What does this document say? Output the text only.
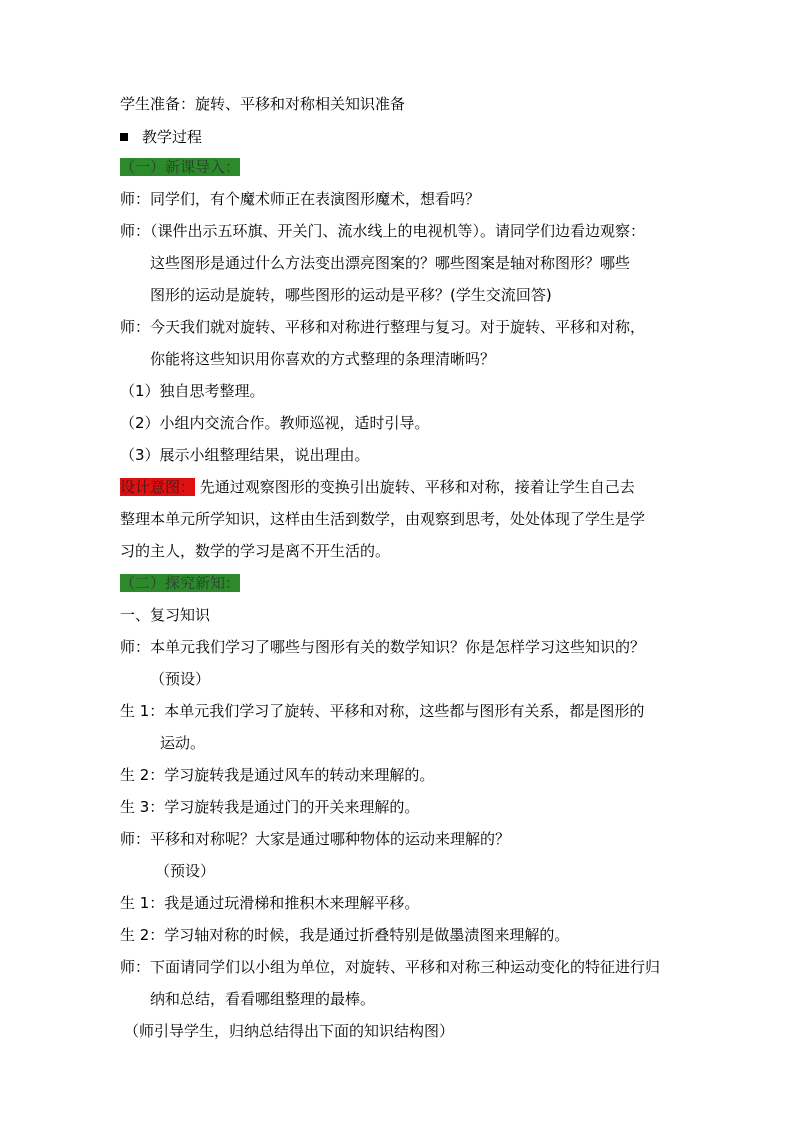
学生准备：旋转、平移和对称相关知识准备
教学过程
（一）新课导入：
师：同学们，有个魔术师正在表演图形魔术，想看吗？
师：（课件出示五环旗、开关门、流水线上的电视机等）。请同学们边看边观察：
这些图形是通过什么方法变出漂亮图案的？哪些图案是轴对称图形？哪些
图形的运动是旋转，哪些图形的运动是平移？(学生交流回答)
师：今天我们就对旋转、平移和对称进行整理与复习。对于旋转、平移和对称，
你能将这些知识用你喜欢的方式整理的条理清晰吗？
（1）独自思考整理。
（2）小组内交流合作。教师巡视，适时引导。
（3）展示小组整理结果，说出理由。
设计意图： 先通过观察图形的变换引出旋转、平移和对称，接着让学生自己去
整理本单元所学知识，这样由生活到数学，由观察到思考，处处体现了学生是学
习的主人，数学的学习是离不开生活的。
（二）探究新知：
一、复习知识
师：本单元我们学习了哪些与图形有关的数学知识？你是怎样学习这些知识的？
（预设）
生 1：本单元我们学习了旋转、平移和对称，这些都与图形有关系，都是图形的
运动。
生 2：学习旋转我是通过风车的转动来理解的。
生 3：学习旋转我是通过门的开关来理解的。
师：平移和对称呢？大家是通过哪种物体的运动来理解的？
（预设）
生 1：我是通过玩滑梯和推积木来理解平移。
生 2：学习轴对称的时候，我是通过折叠特别是做墨渍图来理解的。
师：下面请同学们以小组为单位，对旋转、平移和对称三种运动变化的特征进行归
纳和总结，看看哪组整理的最棒。
（师引导学生，归纳总结得出下面的知识结构图）
